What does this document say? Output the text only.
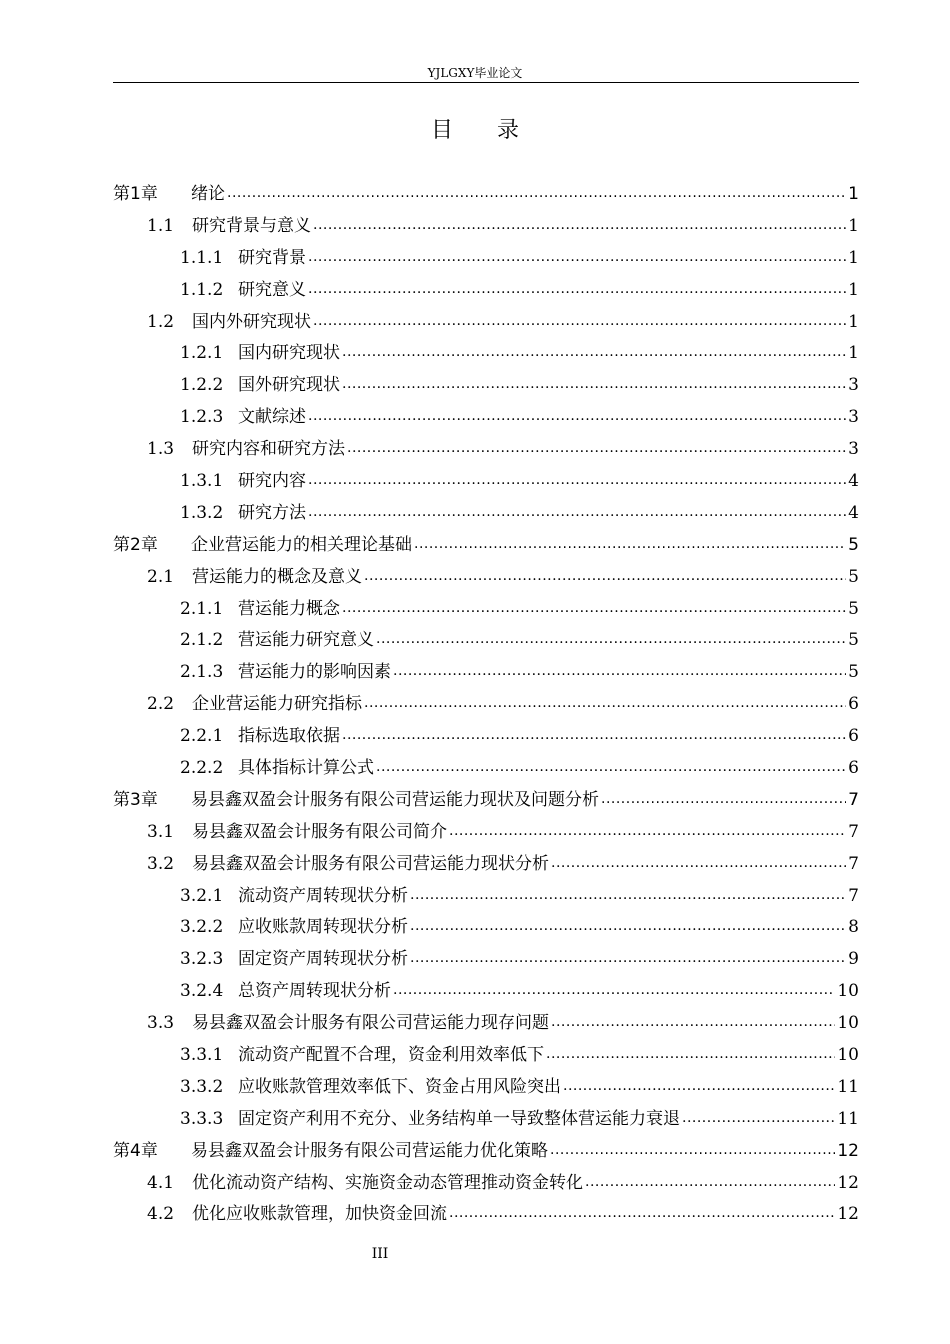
YJLGXY毕业论文
目录
第1章	绪论 .....	1
1.1	研究背景与意义 .....	1
1.1.1 研究背景 .....	1
1.1.2 研究意义 .....	1
1.2	国内外研究现状 .....	1
1.2.1 国内研究现状 .....	1
1.2.2 国外研究现状 .....	3
1.2.3 文献综述 .....	3
1.3	研究内容和研究方法 .....	3
1.3.1 研究内容 .....	4
1.3.2 研究方法 .....	4
第2章	企业营运能力的相关理论基础 .....	5
2.1	营运能力的概念及意义 .....	5
2.1.1 营运能力概念 .....	5
2.1.2 营运能力研究意义 .....	5
2.1.3 营运能力的影响因素 .....	5
2.2	企业营运能力研究指标 .....	6
2.2.1 指标选取依据 .....	6
2.2.2 具体指标计算公式 .....	6
第3章	易县鑫双盈会计服务有限公司营运能力现状及问题分析 .....	7
3.1	易县鑫双盈会计服务有限公司简介 .....	7
3.2	易县鑫双盈会计服务有限公司营运能力现状分析 .....	7
3.2.1 流动资产周转现状分析 .....	7
3.2.2 应收账款周转现状分析 .....	8
3.2.3 固定资产周转现状分析 .....	9
3.2.4 总资产周转现状分析 .....	10
3.3	易县鑫双盈会计服务有限公司营运能力现存问题 .....	10
3.3.1 流动资产配置不合理，资金利用效率低下 .....	10
3.3.2 应收账款管理效率低下、资金占用风险突出 .....	11
3.3.3 固定资产利用不充分、业务结构单一导致整体营运能力衰退 .....	11
第4章	易县鑫双盈会计服务有限公司营运能力优化策略 .....	12
4.1	优化流动资产结构、实施资金动态管理推动资金转化 .....	12
4.2	优化应收账款管理，加快资金回流 .....	12
III
